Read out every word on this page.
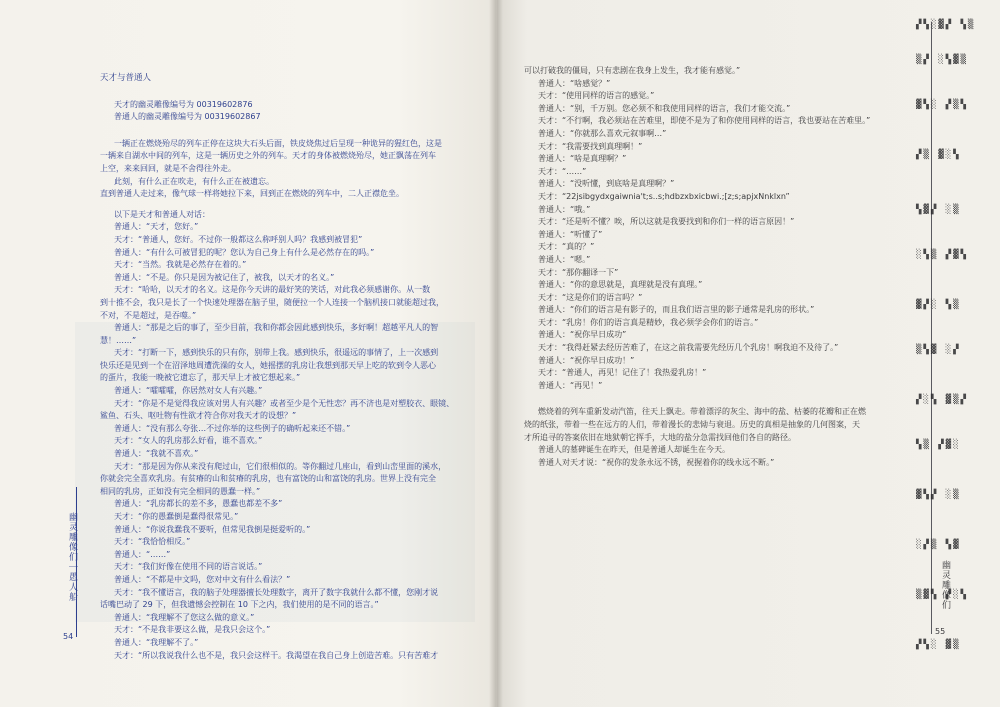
天才与普通人

天才的幽灵雕像编号为 00319602876

普通人的幽灵雕像编号为 00319602867

一辆正在燃烧殆尽的列车正停在这块大石头后面，铁皮烧焦过后呈现一种诡异的猩红色，这是

一辆来自湖水中间的列车，这是一辆历史之外的列车。天才的身体被燃烧殆尽，她正飘荡在列车

上空，来来回回，就是不舍得往外走。

此刻，有什么正在吹走，有什么正在被遗忘。

直到普通人走过来，像气球一样将她拉下来，回到正在燃烧的列车中，二人正襟危坐。

以下是天才和普通人对话：

普通人：“天才，您好。”

天才：“普通人，您好。不过你一般都这么称呼别人吗？我感到被冒犯”

普通人：“有什么可被冒犯的呢？您认为自己身上有什么是必然存在的吗。”

天才：“当然。我就是必然存在着的。”

普通人：“不是。你只是因为被记住了，被我，以天才的名义。”

天才：“哈哈，以天才的名义。这是你今天讲的最好笑的笑话，对此我必须感谢你。从一数

到十推不会，我只是长了一个快速处理器在脑子里，随便拉一个人连接一个脑机接口就能超过我，

不对，不是超过，是吞噬。”

普通人：“那是之后的事了，至少目前，我和你都会因此感到快乐，多好啊！超越平凡人的智

慧！……”

天才：“打断一下，感到快乐的只有你，别带上我。感到快乐，很遥远的事情了，上一次感到

快乐还是见到一个在沼泽地周遭洗澡的女人，她摇摆的乳房让我想到那天早上吃的软到令人恶心

的蛋片，我能一晚被它遗忘了，那天早上才被它想起来。”

普通人：“嚯嚯嚯，你居然对女人有兴趣。”

天才：“你是不是觉得我应该对男人有兴趣？或者至少是个无性恋？再不济也是对塑胶衣、眼镜、

鲨鱼、石头、呕吐物有性欲才符合你对我天才的设想？”

普通人：“没有那么夸张…不过你举的这些例子的确听起来还不错。”

天才：“女人的乳房那么好看，谁不喜欢。”

普通人：“我就不喜欢。”

天才：“那是因为你从来没有爬过山，它们很相似的。等你翻过几座山，看到山峦里面的溪水，

你就会完全喜欢乳房。有贫瘠的山和贫瘠的乳房，也有富饶的山和富饶的乳房。世界上没有完全

相同的乳房，正如没有完全相同的愚蠢一样。”

普通人：“乳房都长的差不多，愚蠢也都差不多”

天才：“你的愚蠢倒是蠢得很常见。”

普通人：“你说我蠢我不要听，但常见我倒是挺爱听的。”

天才：“我恰恰相反。”

普通人：“……”

天才：“我们好像在使用不同的语言说话。”

普通人：“不都是中文吗，您对中文有什么看法？”

天才：“我不懂语言，我的脑子处理器擅长处理数字，离开了数字我就什么都不懂，您刚才说

话嘴巴动了 29 下，但我遗憾会控制在 10 下之内，我们使用的是不同的语言。”

普通人：“我理解不了您这么做的意义。”

天才：“不是我非要这么做，是我只会这个。”

普通人：“我理解不了。”

天才：“所以我说我什么也不是，我只会这样干。我渴望在我自己身上创造苦难。只有苦难才

幽灵雕像们｜愚人船
54

可以打破我的僵局，只有悲剧在我身上发生，我才能有感觉。”

普通人：“啥感觉？”

天才：“使用同样的语言的感觉。”

普通人：“别，千万别。您必须不和我使用同样的语言，我们才能交流。”

天才：“不行啊，我必须站在苦难里，即使不是为了和你使用同样的语言，我也要站在苦难里。”

普通人：“你就那么喜欢元叙事啊…”

天才：“我需要找到真理啊！”

普通人：“啥是真理啊？”

天才：“……”

普通人：“没听懂，到底啥是真理啊？”

天才：“22jsibgydxgaiwnia't;s..s;hdbzxbxicbwi.;[z;s;apjxNnklxn”

普通人：“哦。”

天才：“还是听不懂？唉，所以这就是我要找到和你们一样的语言原因！”

普通人：“听懂了”

天才：“真的？”

普通人：“嗯。”

天才：“那你翻译一下”

普通人：“你的意思就是，真理就是没有真理。”

天才：“这是你们的语言吗？”

普通人：“你们的语言是有影子的，而且我们语言里的影子通常是乳房的形状。”

天才：“乳房！你们的语言真是精妙，我必须学会你们的语言。”

普通人：“祝你早日成功”

天才：“我得赶紧去经历苦难了，在这之前我需要先经历几个乳房！啊我迫不及待了。”

普通人：“祝你早日成功！”

天才：“普通人，再见！记住了！我热爱乳房！”

普通人：“再见！”

燃烧着的列车重新发动汽笛，往天上飘走。带着漂浮的灰尘、海中的盐、枯萎的花瓣和正在燃

烧的纸张，带着一些在远方的人们，带着漫长的悲恸与衰退。历史的真相是抽象的几何图案，天

才所追寻的答案依旧在地狱朝它挥手，大地的盐分急需找回他们各自的路径。

普通人的墓碑诞生在昨天，但是普通人却诞生在今天。

普通人对天才说：“祝你的发条永远不锈，祝握着你的线永远不断。”

幽灵雕像们
55
▞▚░▓▞ ▚▒
▒▞ ░▚▓▒
▓▚░ ▞▒▚
▞▒ ▓░▚
▚▓▞ ░▒
░▚▒ ▞▓▚
▓▞░ ▚▒
▒▚▓ ░▞
▞░▚ ▓▒▞
▚▒ ▞▓░
▓▚▞ ░▒
░▞▒ ▚▓
▒▓▚ ▞░▚
▞▚░ ▓▒
